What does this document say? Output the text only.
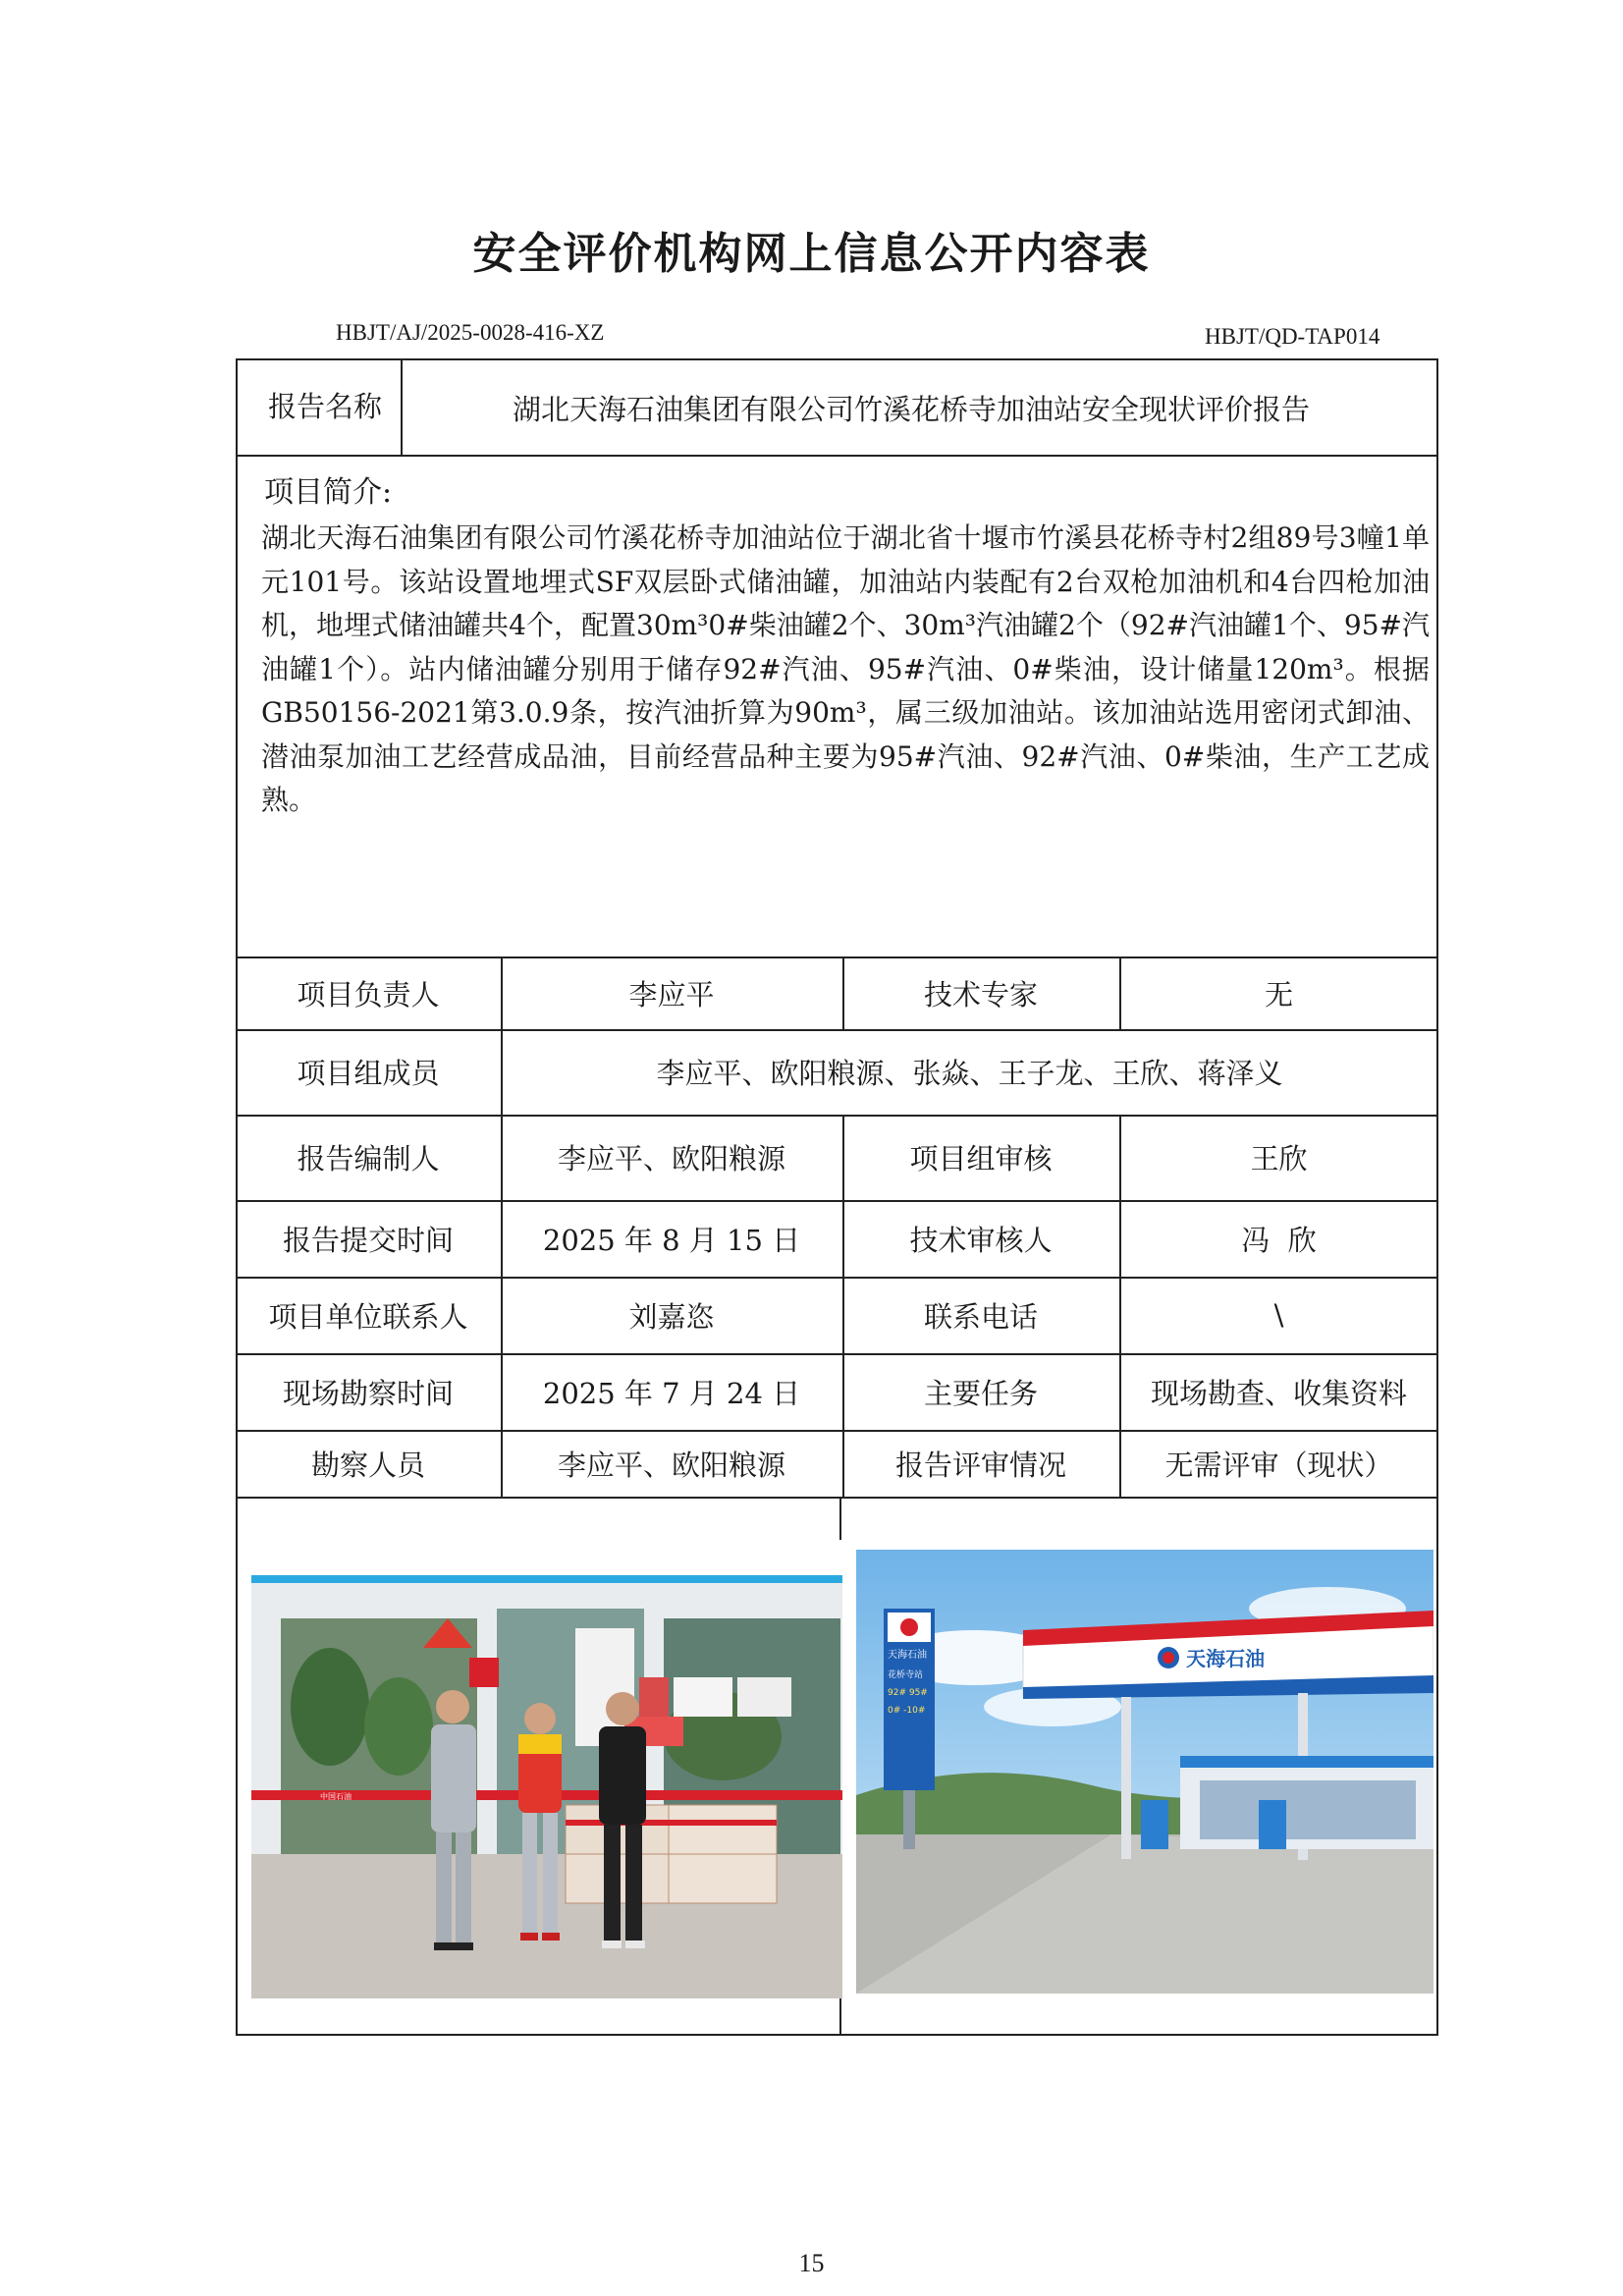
安全评价机构网上信息公开内容表
HBJT/AJ/2025-0028-416-XZ	HBJT/QD-TAP014
报告名称	湖北天海石油集团有限公司竹溪花桥寺加油站安全现状评价报告
项目简介:
湖北天海石油集团有限公司竹溪花桥寺加油站位于湖北省十堰市竹溪县花桥寺村2组89号3幢1单元101号。该站设置地埋式SF双层卧式储油罐，加油站内装配有2台双枪加油机和4台四枪加油机，地埋式储油罐共4个，配置30m³0#柴油罐2个、30m³汽油罐2个（92#汽油罐1个、95#汽油罐1个）。站内储油罐分别用于储存92#汽油、95#汽油、0#柴油，设计储量120m³。根据GB50156-2021第3.0.9条，按汽油折算为90m³，属三级加油站。该加油站选用密闭式卸油、潜油泵加油工艺经营成品油，目前经营品种主要为95#汽油、92#汽油、0#柴油，生产工艺成熟。
项目负责人	李应平	技术专家	无
项目组成员	李应平、欧阳粮源、张焱、王子龙、王欣、蒋泽义
报告编制人	李应平、欧阳粮源	项目组审核	王欣
报告提交时间	2025 年 8 月 15 日	技术审核人	冯  欣
项目单位联系人	刘嘉恣	联系电话	\
现场勘察时间	2025 年 7 月 24 日	主要任务	现场勘查、收集资料
勘察人员	李应平、欧阳粮源	报告评审情况	无需评审（现状）
中国石油
天海石油
天海石油
花桥寺站
92# 95#
0# -10#
15
